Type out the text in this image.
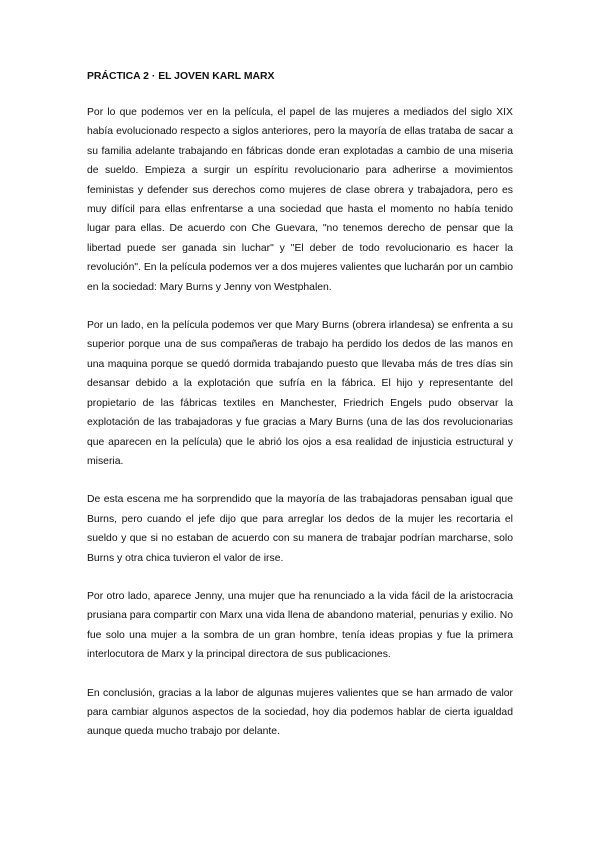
PRÁCTICA 2 · EL JOVEN KARL MARX

Por lo que podemos ver en la película, el papel de las mujeres a mediados del siglo XIX había evolucionado respecto a siglos anteriores, pero la mayoría de ellas trataba de sacar a su familia adelante trabajando en fábricas donde eran explotadas a cambio de una miseria de sueldo. Empieza a surgir un espíritu revolucionario para adherirse a movimientos feministas y defender sus derechos como mujeres de clase obrera y trabajadora, pero es muy difícil para ellas enfrentarse a una sociedad que hasta el momento no había tenido lugar para ellas. De acuerdo con Che Guevara, "no tenemos derecho de pensar que la libertad puede ser ganada sin luchar" y "El deber de todo revolucionario es hacer la revolución". En la película podemos ver a dos mujeres valientes que lucharán por un cambio en la sociedad: Mary Burns y Jenny von Westphalen.

Por un lado, en la película podemos ver que Mary Burns (obrera irlandesa) se enfrenta a su superior porque una de sus compañeras de trabajo ha perdido los dedos de las manos en una maquina porque se quedó dormida trabajando puesto que llevaba más de tres días sin desansar debido a la explotación que sufría en la fábrica. El hijo y representante del propietario de las fábricas textiles en Manchester, Friedrich Engels pudo observar la explotación de las trabajadoras y fue gracias a Mary Burns (una de las dos revolucionarias que aparecen en la película) que le abrió los ojos a esa realidad de injusticia estructural y miseria.

De esta escena me ha sorprendido que la mayoría de las trabajadoras pensaban igual que Burns, pero cuando el jefe dijo que para arreglar los dedos de la mujer les recortaria el sueldo y que si no estaban de acuerdo con su manera de trabajar podrían marcharse, solo Burns y otra chica tuvieron el valor de irse.

Por otro lado, aparece Jenny, una mujer que ha renunciado a la vida fácil de la aristocracia prusiana para compartir con Marx una vida llena de abandono material, penurias y exilio. No fue solo una mujer a la sombra de un gran hombre, tenía ideas propias y fue la primera interlocutora de Marx y la principal directora de sus publicaciones.

En conclusión, gracias a la labor de algunas mujeres valientes que se han armado de valor para cambiar algunos aspectos de la sociedad, hoy dia podemos hablar de cierta igualdad aunque queda mucho trabajo por delante.
